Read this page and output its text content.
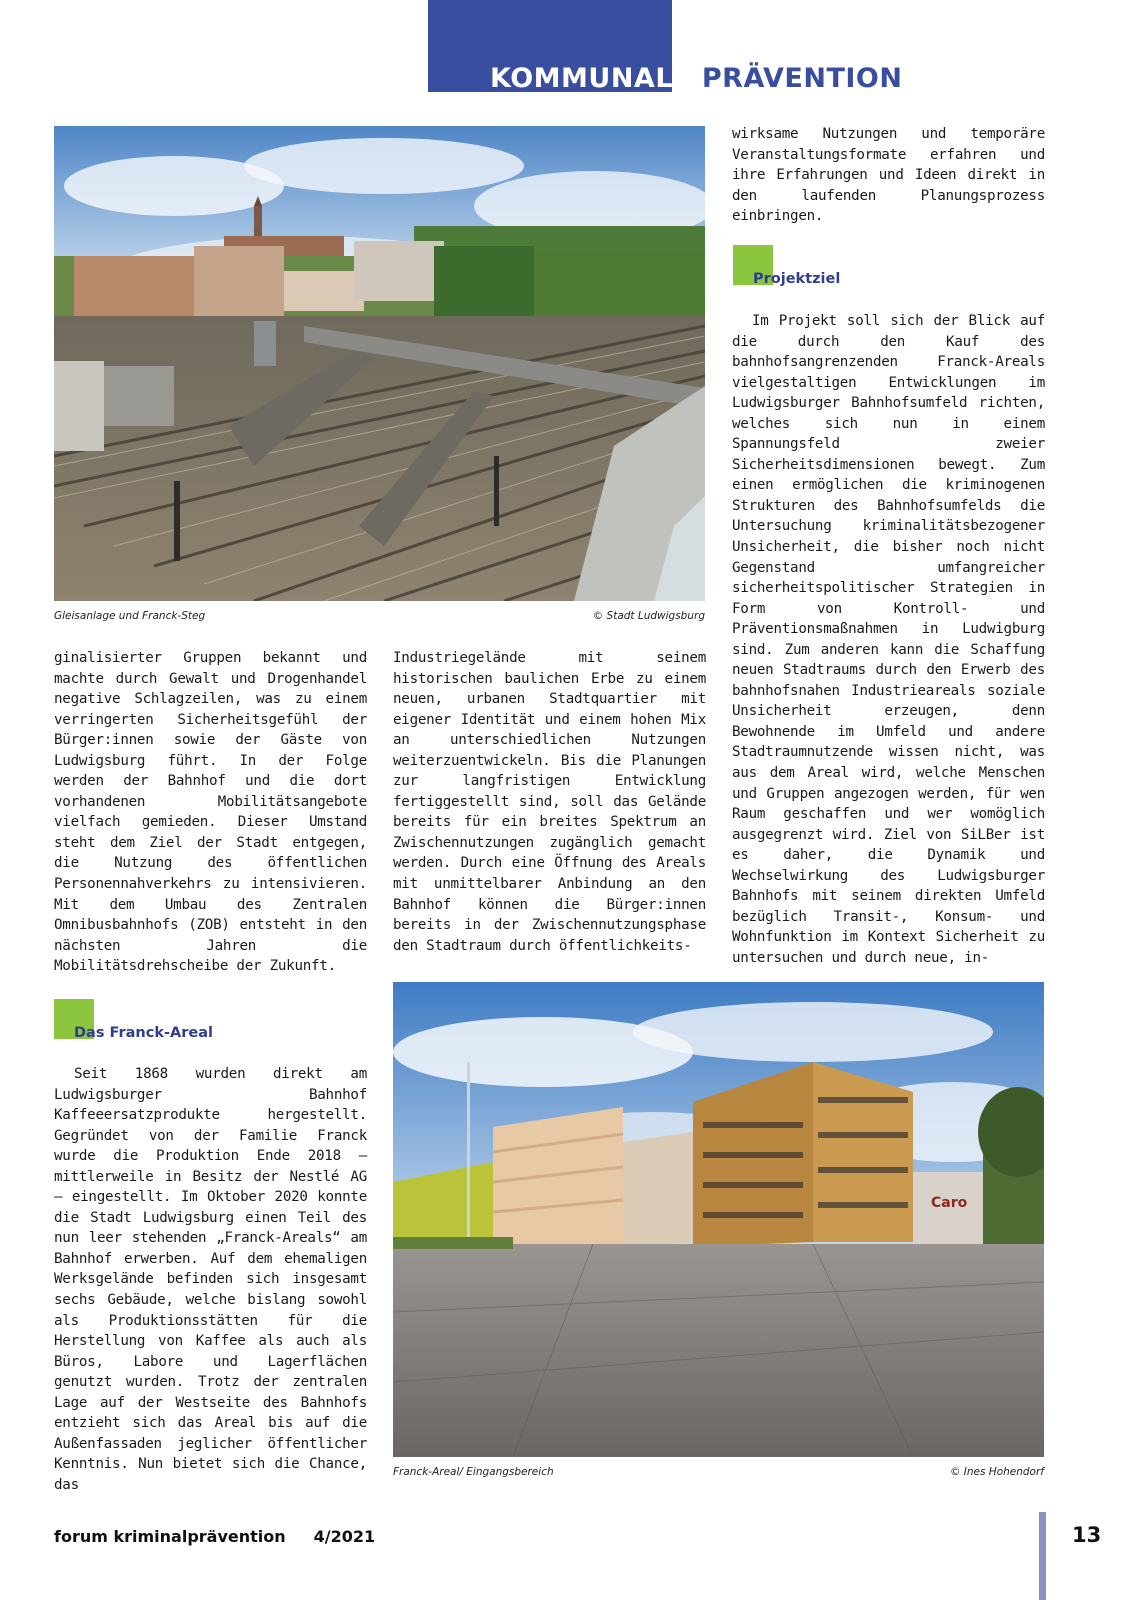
KOMMUNALE PRÄVENTION
Gleisanlage und Franck-Steg	© Stadt Ludwigsburg

wirksame Nutzungen und temporäre Veranstaltungsformate erfahren und ihre Erfahrungen und Ideen direkt in den laufenden Planungsprozess einbringen.

Projektziel

Im Projekt soll sich der Blick auf die durch den Kauf des bahnhofsangrenzenden Franck-Areals vielgestaltigen Entwicklungen im Ludwigsburger Bahnhofsumfeld richten, welches sich nun in einem Spannungsfeld zweier Sicherheitsdimensionen bewegt. Zum einen ermöglichen die kriminogenen Strukturen des Bahnhofsumfelds die Untersuchung kriminalitätsbezogener Unsicherheit, die bisher noch nicht Gegenstand umfangreicher sicherheitspolitischer Strategien in Form von Kontroll- und Präventionsmaßnahmen in Ludwigburg sind. Zum anderen kann die Schaffung neuen Stadtraums durch den Erwerb des bahnhofsnahen Industrieareals soziale Unsicherheit erzeugen, denn Bewohnende im Umfeld und andere Stadtraumnutzende wissen nicht, was aus dem Areal wird, welche Menschen und Gruppen angezogen werden, für wen Raum geschaffen und wer womöglich ausgegrenzt wird. Ziel von SiLBer ist es daher, die Dynamik und Wechselwirkung des Ludwigsburger Bahnhofs mit seinem direkten Umfeld bezüglich Transit-, Konsum- und Wohnfunktion im Kontext Sicherheit zu untersuchen und durch neue, in-

ginalisierter Gruppen bekannt und machte durch Gewalt und Drogenhandel negative Schlagzeilen, was zu einem verringerten Sicherheitsgefühl der Bürger:innen sowie der Gäste von Ludwigsburg führt. In der Folge werden der Bahnhof und die dort vorhandenen Mobilitätsangebote vielfach gemieden. Dieser Umstand steht dem Ziel der Stadt entgegen, die Nutzung des öffentlichen Personennahverkehrs zu intensivieren. Mit dem Umbau des Zentralen Omnibusbahnhofs (ZOB) entsteht in den nächsten Jahren die Mobilitätsdrehscheibe der Zukunft.

Industriegelände mit seinem historischen baulichen Erbe zu einem neuen, urbanen Stadtquartier mit eigener Identität und einem hohen Mix an unterschiedlichen Nutzungen weiterzuentwickeln. Bis die Planungen zur langfristigen Entwicklung fertiggestellt sind, soll das Gelände bereits für ein breites Spektrum an Zwischennutzungen zugänglich gemacht werden. Durch eine Öffnung des Areals mit unmittelbarer Anbindung an den Bahnhof können die Bürger:innen bereits in der Zwischennutzungsphase den Stadtraum durch öffentlichkeits-

Das Franck-Areal

Seit 1868 wurden direkt am Ludwigsburger Bahnhof Kaffeeersatzprodukte hergestellt. Gegründet von der Familie Franck wurde die Produktion Ende 2018 – mittlerweile in Besitz der Nestlé AG – eingestellt. Im Oktober 2020 konnte die Stadt Ludwigsburg einen Teil des nun leer stehenden „Franck-Areals“ am Bahnhof erwerben. Auf dem ehemaligen Werksgelände befinden sich insgesamt sechs Gebäude, welche bislang sowohl als Produktionsstätten für die Herstellung von Kaffee als auch als Büros, Labore und Lagerflächen genutzt wurden. Trotz der zentralen Lage auf der Westseite des Bahnhofs entzieht sich das Areal bis auf die Außenfassaden jeglicher öffentlicher Kenntnis. Nun bietet sich die Chance, das

Caro
Franck-Areal/ Eingangsbereich	© Ines Hohendorf
forum kriminalprävention 4/2021	13
